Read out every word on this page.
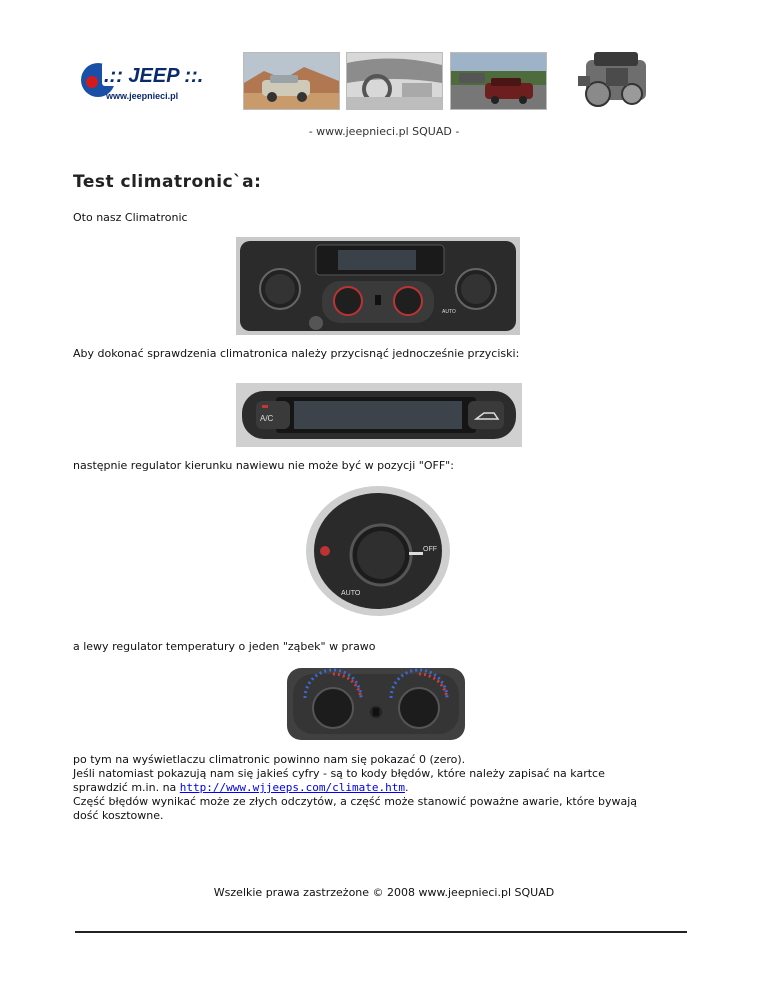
.:: JEEP ::.
www.jeepnieci.pl
- www.jeepnieci.pl SQUAD -
Test climatronic`a:
Oto nasz Climatronic
AUTO
Aby dokonać sprawdzenia climatronica należy przycisnąć jednocześnie przyciski:
A/C
następnie regulator kierunku nawiewu nie może być w pozycji "OFF":
OFF
AUTO
a lewy regulator temperatury o jeden "ząbek" w prawo
po tym na wyświetlaczu climatronic powinno nam się pokazać 0 (zero).
Jeśli natomiast pokazują nam się jakieś cyfry - są to kody błędów, które należy zapisać na kartce
sprawdzić m.in. na http://www.wjjeeps.com/climate.htm.
Część błędów wynikać może ze złych odczytów, a część może stanowić poważne awarie, które bywają
dość kosztowne.
Wszelkie prawa zastrzeżone © 2008 www.jeepnieci.pl SQUAD
